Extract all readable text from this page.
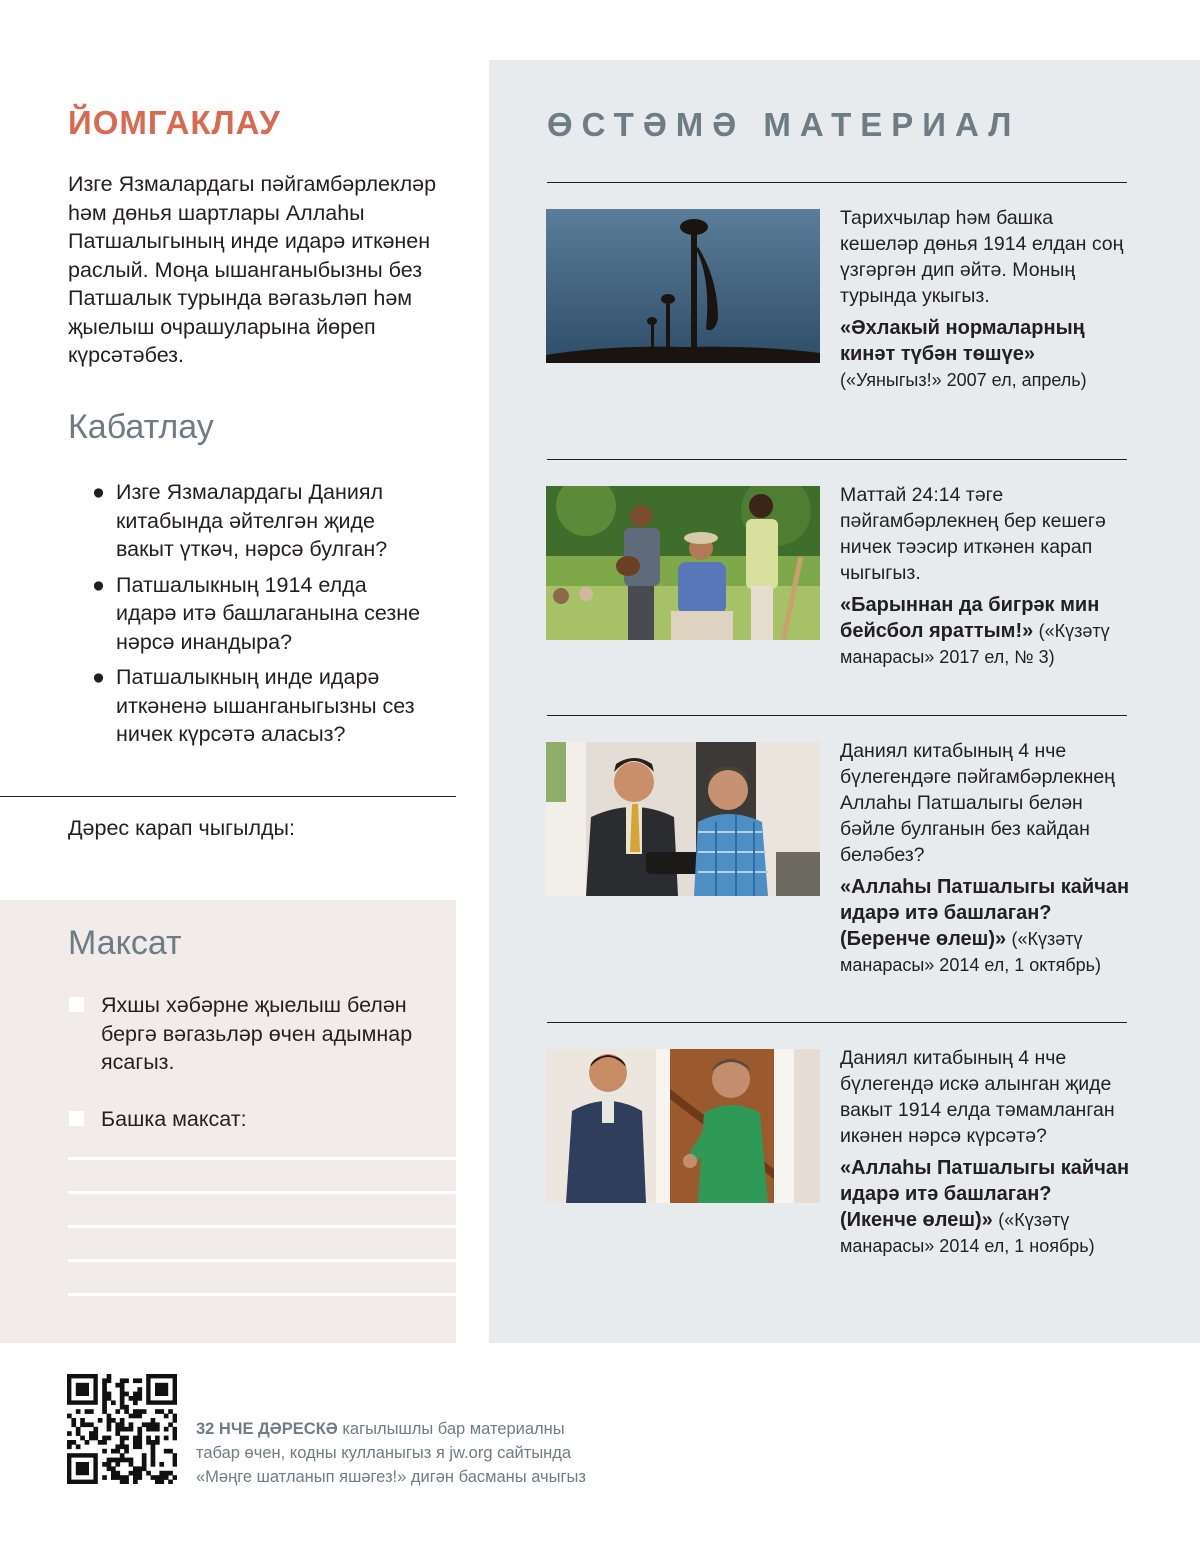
ЙОМГАКЛАУ
Изге Язмалардагы пәйгамбәрлекләр һәм дөнья шартлары Аллаһы Патшалыгының инде идарә иткәнен раслый. Моңа ышанганыбызны без Патшалык турында вәгазьләп һәм җыелыш очрашуларына йөреп күрсәтәбез.
Кабатлау
● Изге Язмалардагы Даниял китабында әйтелгән җиде вакыт үткәч, нәрсә булган?
● Патшалыкның 1914 елда идарә итә башлаганына сезне нәрсә инандыра?
● Патшалыкның инде идарә иткәненә ышанганыгызны сез ничек күрсәтә аласыз?
Дәрес карап чыгылды:
Максат
Яхшы хәбәрне җыелыш белән бергә вәгазьләр өчен адымнар ясагыз.
Башка максат:
ӨСТӘМӘ МАТЕРИАЛ
Тарихчылар һәм башка кешеләр дөнья 1914 елдан соң үзгәргән дип әйтә. Моның турында укыгыз.
«Әхлакый нормаларның кинәт түбән төшүе» («Уяныгыз!» 2007 ел, апрель)
Маттай 24:14 тәге пәйгамбәрлекнең бер кешегә ничек тәэсир иткәнен карап чыгыгыз.
«Барыннан да бигрәк мин бейсбол яраттым!» («Күзәтү манарасы» 2017 ел, № 3)
Даниял китабының 4 нче бүлегендәге пәйгамбәрлекнең Аллаһы Патшалыгы белән бәйле булганын без кайдан беләбез?
«Аллаһы Патшалыгы кайчан идарә итә башлаган? (Беренче өлеш)» («Күзәтү манарасы» 2014 ел, 1 октябрь)
Даниял китабының 4 нче бүлегендә искә алынган җиде вакыт 1914 елда тәмамланган икәнен нәрсә күрсәтә?
«Аллаһы Патшалыгы кайчан идарә итә башлаган? (Икенче өлеш)» («Күзәтү манарасы» 2014 ел, 1 ноябрь)
32 НЧЕ ДӘРЕСКӘ кагылышлы бар материалны
табар өчен, кодны кулланыгыз я jw.org сайтында
«Мәңге шатланып яшәгез!» дигән басманы ачыгыз
